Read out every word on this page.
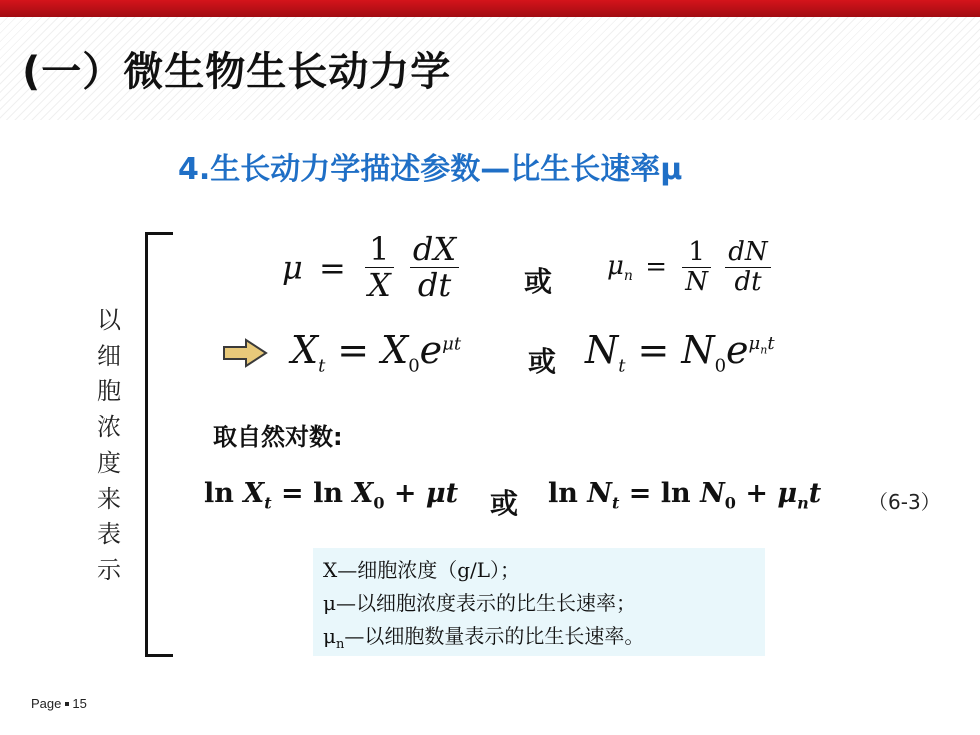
(一）微生物生长动力学
4.生长动力学描述参数—比生长速率μ
以
细
胞
浓
度
来
表
示
$\mu = \frac{1}{X}$
$\frac{dX}{dt}$ 或 $\mu_n = \frac{1}{N}$
$\frac{dN}{dt}$
$X_t = X_0e^{\mu t}$
或 $N_t = N_0e^{\mu_nt}$
取自然对数:
$\ln X_t = \ln X_0 + \mu t$ 或 $\ln N_t = \ln N_0 + \mu_nt$ （6-3）
X—细胞浓度（g/L）；
μ—以细胞浓度表示的比生长速率；
$\mu_n—$以细胞数量表示的比生长速率。
Page 15
